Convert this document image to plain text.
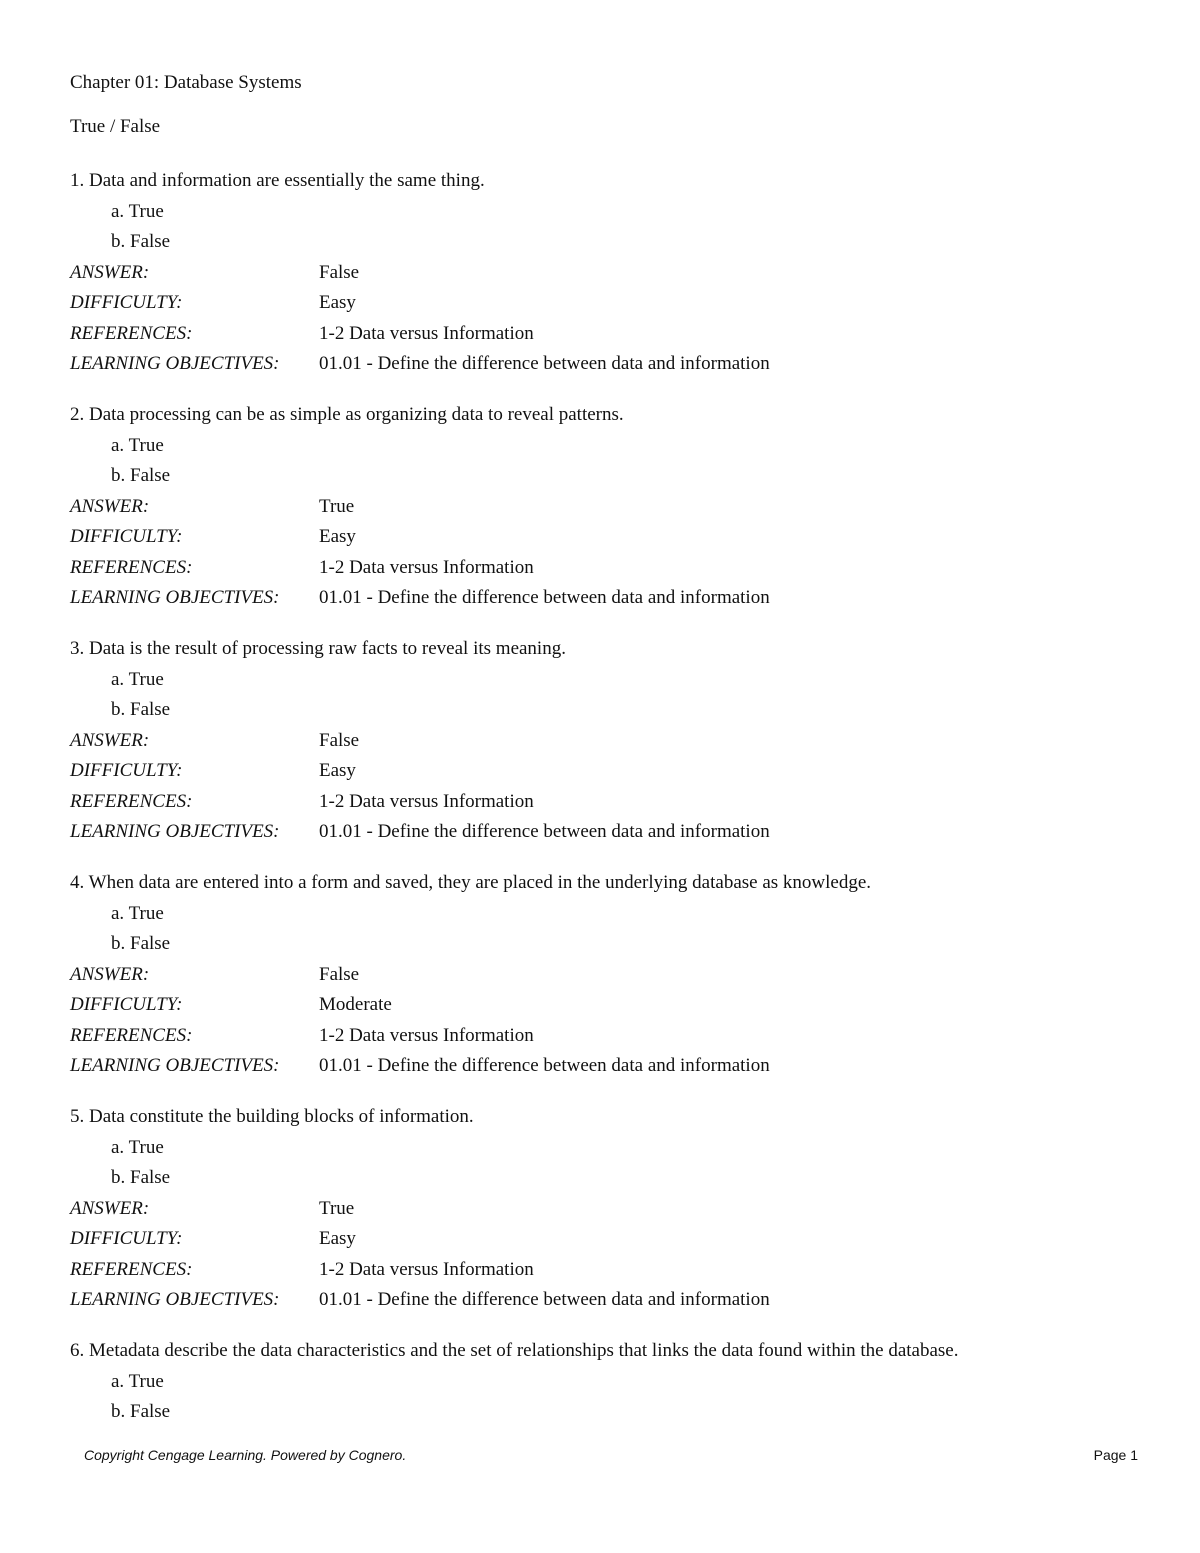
Chapter 01: Database Systems
True / False
1. Data and information are essentially the same thing.
a. True
b. False
ANSWER:	False
DIFFICULTY:	Easy
REFERENCES:	1-2 Data versus Information
LEARNING OBJECTIVES:	01.01 - Define the difference between data and information
2. Data processing can be as simple as organizing data to reveal patterns.
a. True
b. False
ANSWER:	True
DIFFICULTY:	Easy
REFERENCES:	1-2 Data versus Information
LEARNING OBJECTIVES:	01.01 - Define the difference between data and information
3. Data is the result of processing raw facts to reveal its meaning.
a. True
b. False
ANSWER:	False
DIFFICULTY:	Easy
REFERENCES:	1-2 Data versus Information
LEARNING OBJECTIVES:	01.01 - Define the difference between data and information
4. When data are entered into a form and saved, they are placed in the underlying database as knowledge.
a. True
b. False
ANSWER:	False
DIFFICULTY:	Moderate
REFERENCES:	1-2 Data versus Information
LEARNING OBJECTIVES:	01.01 - Define the difference between data and information
5. Data constitute the building blocks of information.
a. True
b. False
ANSWER:	True
DIFFICULTY:	Easy
REFERENCES:	1-2 Data versus Information
LEARNING OBJECTIVES:	01.01 - Define the difference between data and information
6. Metadata describe the data characteristics and the set of relationships that links the data found within the database.
a. True
b. False
Copyright Cengage Learning. Powered by Cognero.	Page 1
